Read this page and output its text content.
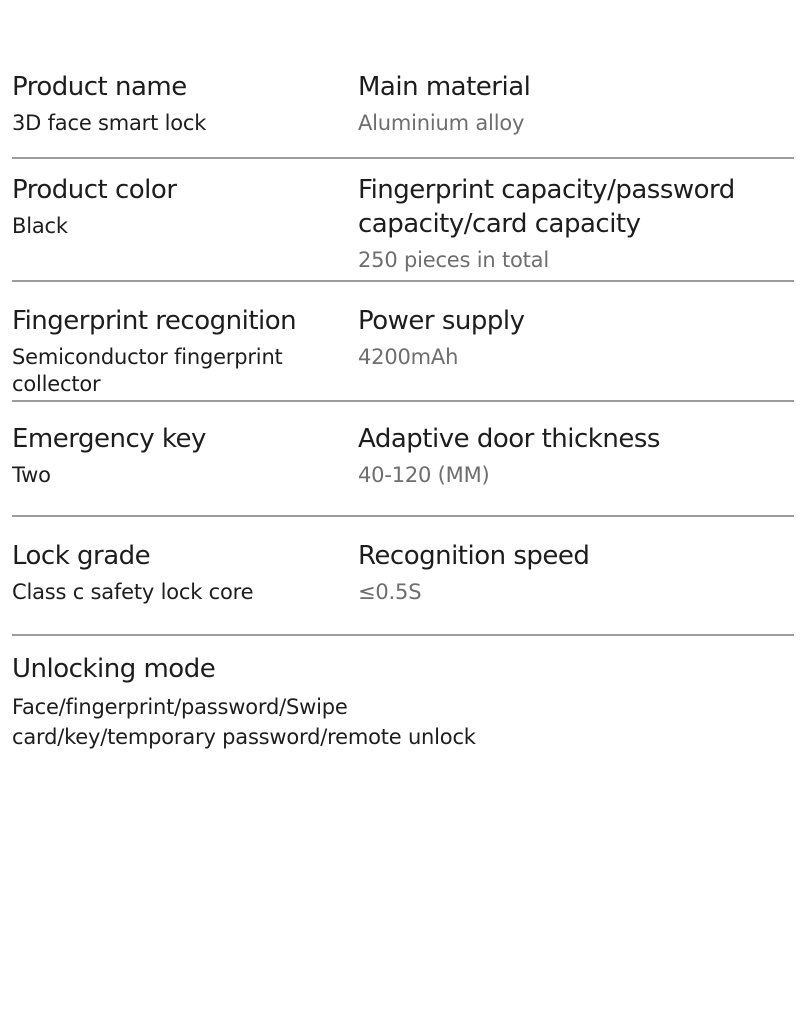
Product name
3D face smart lock
Main material
Aluminium alloy
Product color
Black
Fingerprint capacity/password capacity/card capacity
250 pieces in total
Fingerprint recognition
Semiconductor fingerprint collector
Power supply
4200mAh
Emergency key
Two
Adaptive door thickness
40-120 (MM)
Lock grade
Class c safety lock core
Recognition speed
≤0.5S
Unlocking mode
Face/fingerprint/password/Swipe card/key/temporary password/remote unlock
